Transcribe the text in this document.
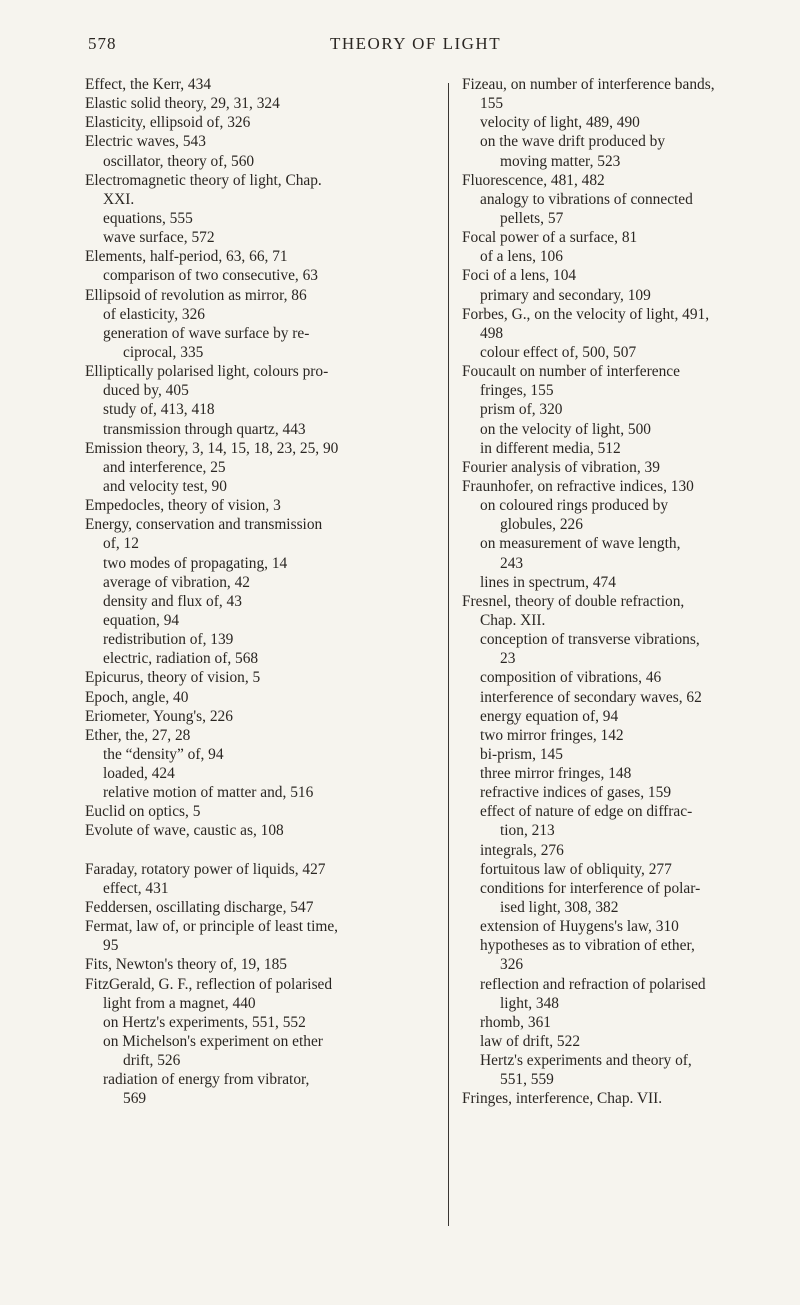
578	THEORY OF LIGHT
Effect, the Kerr, 434
Elastic solid theory, 29, 31, 324
Elasticity, ellipsoid of, 326
Electric waves, 543
oscillator, theory of, 560
Electromagnetic theory of light, Chap.
XXI.
equations, 555
wave surface, 572
Elements, half-period, 63, 66, 71
comparison of two consecutive, 63
Ellipsoid of revolution as mirror, 86
of elasticity, 326
generation of wave surface by re-
ciprocal, 335
Elliptically polarised light, colours pro-
duced by, 405
study of, 413, 418
transmission through quartz, 443
Emission theory, 3, 14, 15, 18, 23, 25, 90
and interference, 25
and velocity test, 90
Empedocles, theory of vision, 3
Energy, conservation and transmission
of, 12
two modes of propagating, 14
average of vibration, 42
density and flux of, 43
equation, 94
redistribution of, 139
electric, radiation of, 568
Epicurus, theory of vision, 5
Epoch, angle, 40
Eriometer, Young's, 226
Ether, the, 27, 28
the “density” of, 94
loaded, 424
relative motion of matter and, 516
Euclid on optics, 5
Evolute of wave, caustic as, 108
Faraday, rotatory power of liquids, 427
effect, 431
Feddersen, oscillating discharge, 547
Fermat, law of, or principle of least time,
95
Fits, Newton's theory of, 19, 185
FitzGerald, G. F., reflection of polarised
light from a magnet, 440
on Hertz's experiments, 551, 552
on Michelson's experiment on ether
drift, 526
radiation of energy from vibrator,
569
Fizeau, on number of interference bands,
155
velocity of light, 489, 490
on the wave drift produced by
moving matter, 523
Fluorescence, 481, 482
analogy to vibrations of connected
pellets, 57
Focal power of a surface, 81
of a lens, 106
Foci of a lens, 104
primary and secondary, 109
Forbes, G., on the velocity of light, 491,
498
colour effect of, 500, 507
Foucault on number of interference
fringes, 155
prism of, 320
on the velocity of light, 500
in different media, 512
Fourier analysis of vibration, 39
Fraunhofer, on refractive indices, 130
on coloured rings produced by
globules, 226
on measurement of wave length,
243
lines in spectrum, 474
Fresnel, theory of double refraction,
Chap. XII.
conception of transverse vibrations,
23
composition of vibrations, 46
interference of secondary waves, 62
energy equation of, 94
two mirror fringes, 142
bi-prism, 145
three mirror fringes, 148
refractive indices of gases, 159
effect of nature of edge on diffrac-
tion, 213
integrals, 276
fortuitous law of obliquity, 277
conditions for interference of polar-
ised light, 308, 382
extension of Huygens's law, 310
hypotheses as to vibration of ether,
326
reflection and refraction of polarised
light, 348
rhomb, 361
law of drift, 522
Hertz's experiments and theory of,
551, 559
Fringes, interference, Chap. VII.
